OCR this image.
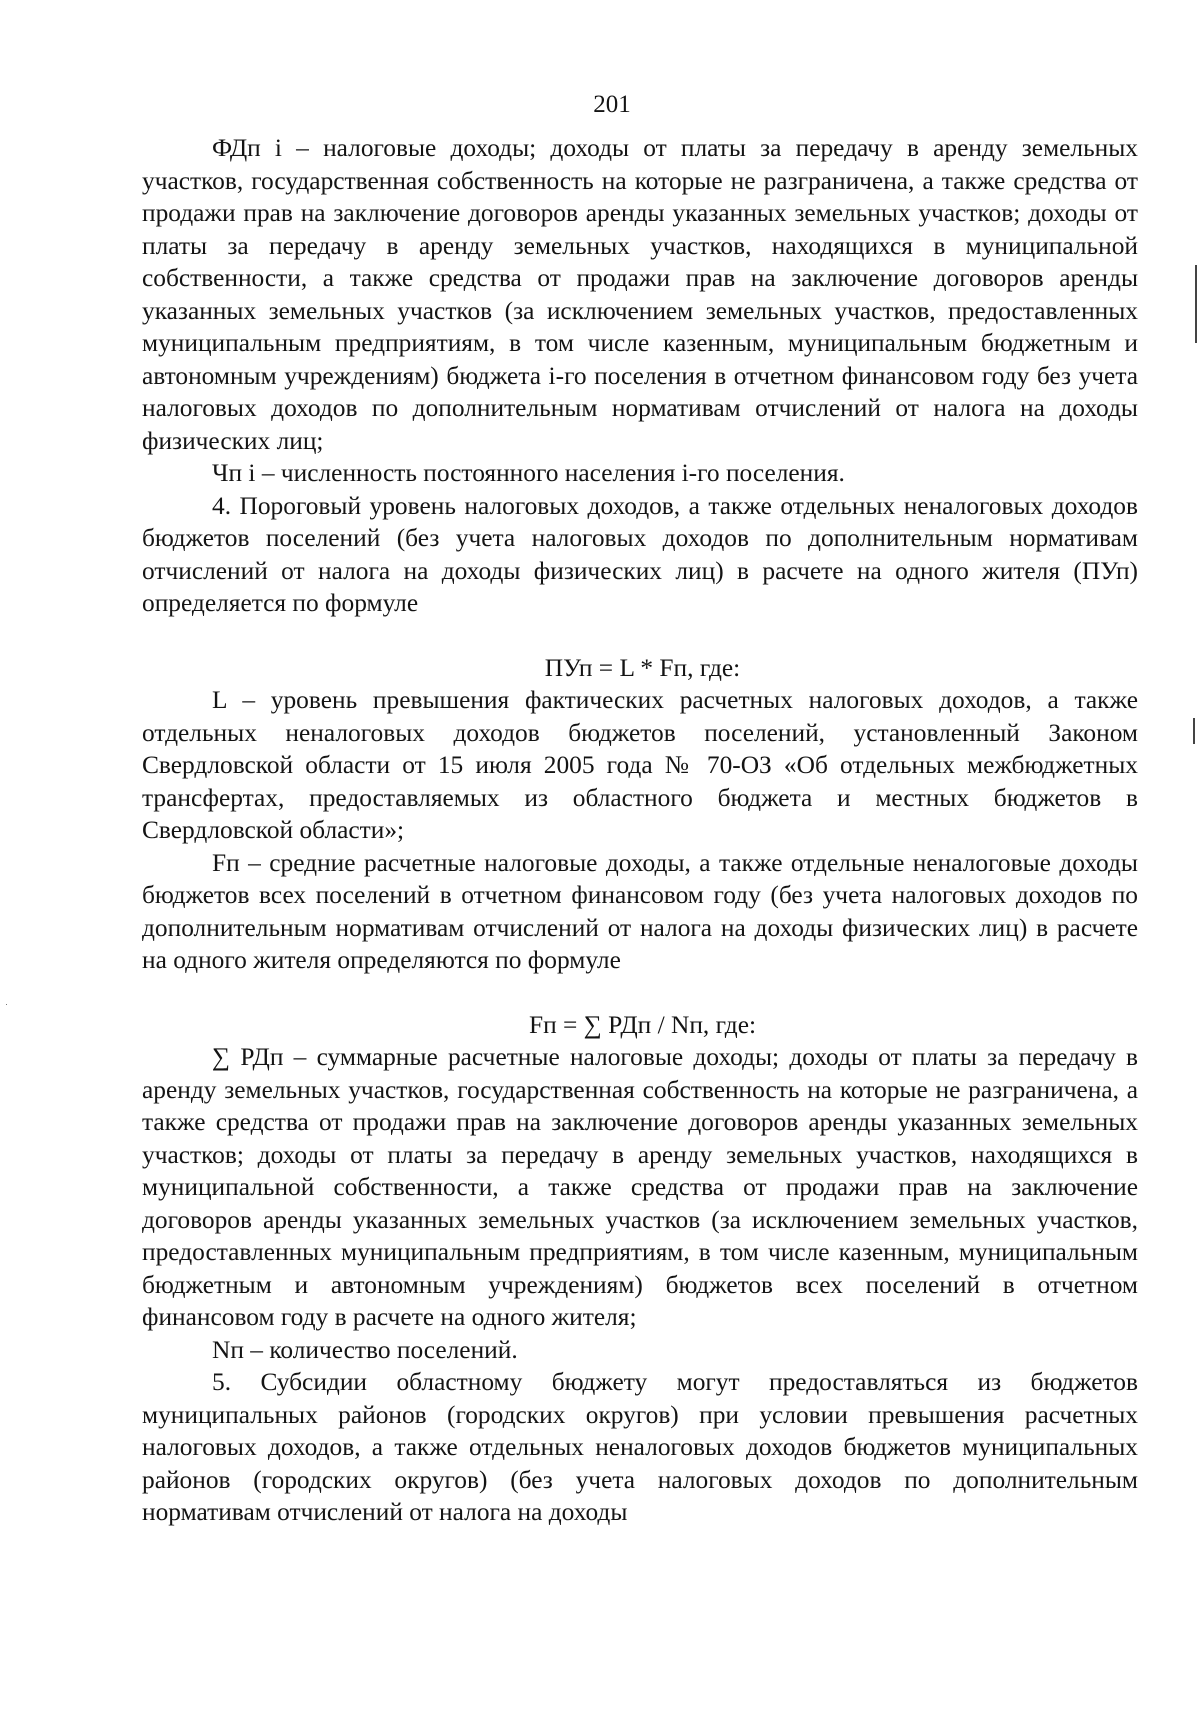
201

ФДп i – налоговые доходы; доходы от платы за передачу в аренду земельных участков, государственная собственность на которые не разграничена, а также средства от продажи прав на заключение договоров аренды указанных земельных участков; доходы от платы за передачу в аренду земельных участков, находящихся в муниципальной собственности, а также средства от продажи прав на заключение договоров аренды указанных земельных участков (за исключением земельных участков, предоставленных муниципальным предприятиям, в том числе казенным, муниципальным бюджетным и автономным учреждениям) бюджета i-го поселения в отчетном финансовом году без учета налоговых доходов по дополнительным нормативам отчислений от налога на доходы физических лиц;

Чп i – численность постоянного населения i-го поселения.

4. Пороговый уровень налоговых доходов, а также отдельных неналоговых доходов бюджетов поселений (без учета налоговых доходов по дополнительным нормативам отчислений от налога на доходы физических лиц) в расчете на одного жителя (ПУп) определяется по формуле

ПУп = L * Fп, где:

L – уровень превышения фактических расчетных налоговых доходов, а также отдельных неналоговых доходов бюджетов поселений, установленный Законом Свердловской области от 15 июля 2005 года № 70-ОЗ «Об отдельных межбюджетных трансфертах, предоставляемых из областного бюджета и местных бюджетов в Свердловской области»;

Fп – средние расчетные налоговые доходы, а также отдельные неналоговые доходы бюджетов всех поселений в отчетном финансовом году (без учета налоговых доходов по дополнительным нормативам отчислений от налога на доходы физических лиц) в расчете на одного жителя определяются по формуле

Fп = ∑ РДп / Nп, где:

∑ РДп – суммарные расчетные налоговые доходы; доходы от платы за передачу в аренду земельных участков, государственная собственность на которые не разграничена, а также средства от продажи прав на заключение договоров аренды указанных земельных участков; доходы от платы за передачу в аренду земельных участков, находящихся в муниципальной собственности, а также средства от продажи прав на заключение договоров аренды указанных земельных участков (за исключением земельных участков, предоставленных муниципальным предприятиям, в том числе казенным, муниципальным бюджетным и автономным учреждениям) бюджетов всех поселений в отчетном финансовом году в расчете на одного жителя;

Nп – количество поселений.

5. Субсидии областному бюджету могут предоставляться из бюджетов муниципальных районов (городских округов) при условии превышения расчетных налоговых доходов, а также отдельных неналоговых доходов бюджетов муниципальных районов (городских округов) (без учета налоговых доходов по дополнительным нормативам отчислений от налога на доходы
